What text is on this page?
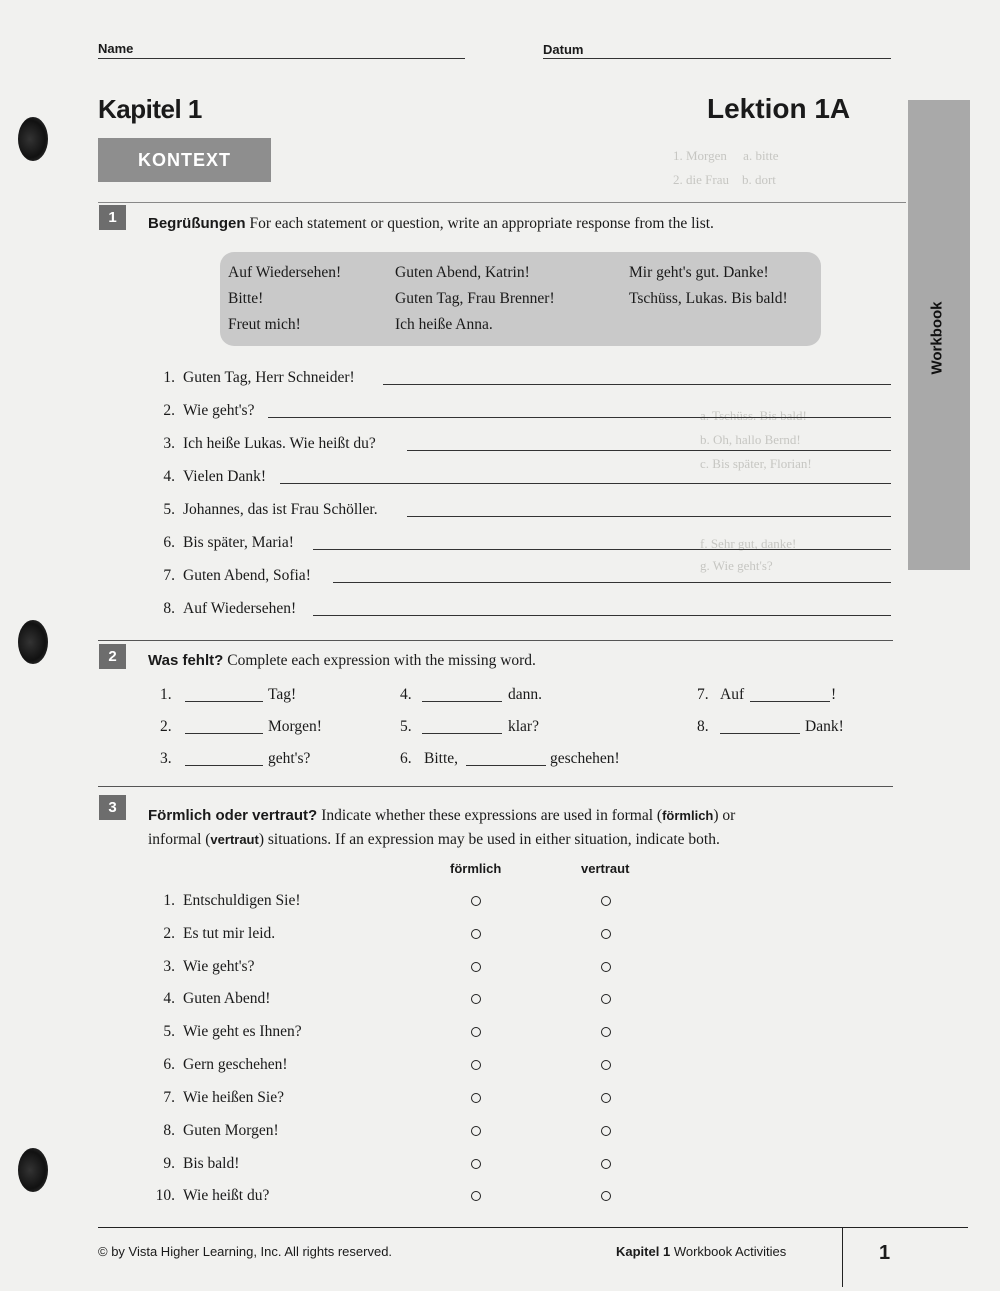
1. Morgen     a. bitte
2. die Frau    b. dort
a. Tschüss. Bis bald!
b. Oh, hallo Bernd!
c. Bis später, Florian!
f. Sehr gut, danke!
g. Wie geht's?
Name	Datum
Kapitel 1	Lektion 1A
KONTEXT
Workbook
1	Begrüßungen For each statement or question, write an appropriate response from the list.
Auf Wiedersehen!	Guten Abend, Katrin!	Mir geht's gut. Danke!
Bitte!	Guten Tag, Frau Brenner!	Tschüss, Lukas. Bis bald!
Freut mich!	Ich heiße Anna.
1. Guten Tag, Herr Schneider!
2. Wie geht's?
3. Ich heiße Lukas. Wie heißt du?
4. Vielen Dank!
5. Johannes, das ist Frau Schöller.
6. Bis später, Maria!
7. Guten Abend, Sofia!
8. Auf Wiedersehen!
2	Was fehlt? Complete each expression with the missing word.
1.	Tag!
2.	Morgen!
3.	geht's?
4.	dann.
5.	klar?
6. Bitte,	geschehen!
7. Auf	!
8.	Dank!
3	Förmlich oder vertraut? Indicate whether these expressions are used in formal (förmlich) or
informal (vertraut) situations. If an expression may be used in either situation, indicate both.
förmlich	vertraut
1. Entschuldigen Sie!
2. Es tut mir leid.
3. Wie geht's?
4. Guten Abend!
5. Wie geht es Ihnen?
6. Gern geschehen!
7. Wie heißen Sie?
8. Guten Morgen!
9. Bis bald!
10. Wie heißt du?
© by Vista Higher Learning, Inc. All rights reserved.	Kapitel 1 Workbook Activities	1
